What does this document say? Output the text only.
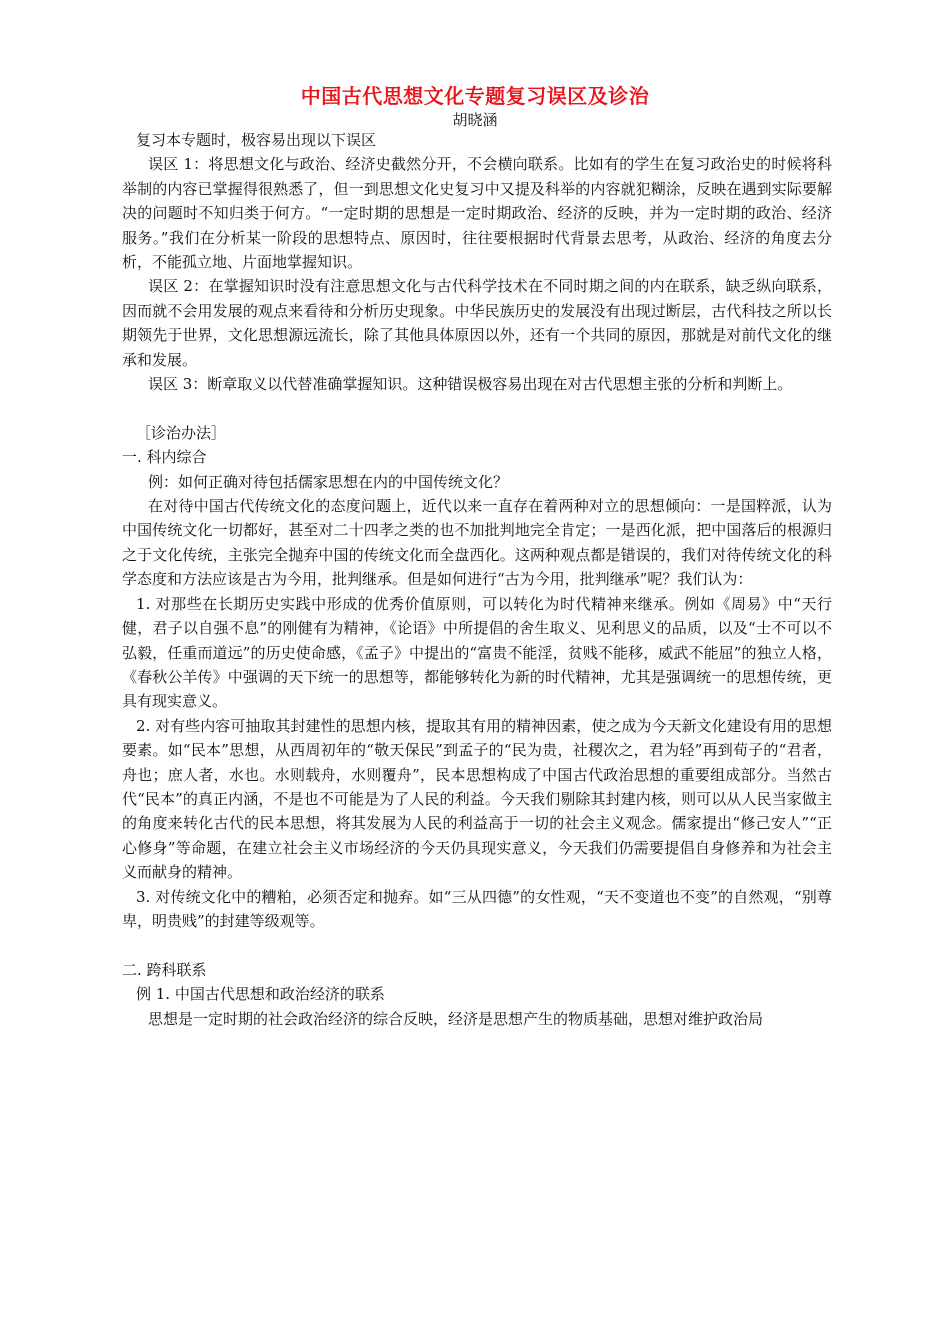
中国古代思想文化专题复习误区及诊治
胡晓涵

复习本专题时，极容易出现以下误区

误区 1：将思想文化与政治、经济史截然分开，不会横向联系。比如有的学生在复习政治史的时候将科举制的内容已掌握得很熟悉了，但一到思想文化史复习中又提及科举的内容就犯糊涂，反映在遇到实际要解决的问题时不知归类于何方。“一定时期的思想是一定时期政治、经济的反映，并为一定时期的政治、经济服务。”我们在分析某一阶段的思想特点、原因时，往往要根据时代背景去思考，从政治、经济的角度去分析，不能孤立地、片面地掌握知识。

误区 2：在掌握知识时没有注意思想文化与古代科学技术在不同时期之间的内在联系，缺乏纵向联系，因而就不会用发展的观点来看待和分析历史现象。中华民族历史的发展没有出现过断层，古代科技之所以长期领先于世界，文化思想源远流长，除了其他具体原因以外，还有一个共同的原因，那就是对前代文化的继承和发展。

误区 3：断章取义以代替准确掌握知识。这种错误极容易出现在对古代思想主张的分析和判断上。

［诊治办法］

一. 科内综合

例：如何正确对待包括儒家思想在内的中国传统文化？

在对待中国古代传统文化的态度问题上，近代以来一直存在着两种对立的思想倾向：一是国粹派，认为中国传统文化一切都好，甚至对二十四孝之类的也不加批判地完全肯定；一是西化派，把中国落后的根源归之于文化传统，主张完全抛弃中国的传统文化而全盘西化。这两种观点都是错误的，我们对待传统文化的科学态度和方法应该是古为今用，批判继承。但是如何进行“古为今用，批判继承”呢？我们认为：

1. 对那些在长期历史实践中形成的优秀价值原则，可以转化为时代精神来继承。例如《周易》中“天行健，君子以自强不息”的刚健有为精神，《论语》中所提倡的舍生取义、见利思义的品质，以及“士不可以不弘毅，任重而道远”的历史使命感，《孟子》中提出的“富贵不能淫，贫贱不能移，威武不能屈”的独立人格，《春秋公羊传》中强调的天下统一的思想等，都能够转化为新的时代精神，尤其是强调统一的思想传统，更具有现实意义。

2. 对有些内容可抽取其封建性的思想内核，提取其有用的精神因素，使之成为今天新文化建设有用的思想要素。如“民本”思想，从西周初年的“敬天保民”到孟子的“民为贵，社稷次之，君为轻”再到荀子的“君者，舟也；庶人者，水也。水则载舟，水则覆舟”，民本思想构成了中国古代政治思想的重要组成部分。当然古代“民本”的真正内涵，不是也不可能是为了人民的利益。今天我们剔除其封建内核，则可以从人民当家做主的角度来转化古代的民本思想，将其发展为人民的利益高于一切的社会主义观念。儒家提出“修己安人”“正心修身”等命题，在建立社会主义市场经济的今天仍具现实意义，今天我们仍需要提倡自身修养和为社会主义而献身的精神。

3. 对传统文化中的糟粕，必须否定和抛弃。如“三从四德”的女性观，“天不变道也不变”的自然观，“别尊卑，明贵贱”的封建等级观等。

二. 跨科联系

例 1. 中国古代思想和政治经济的联系

思想是一定时期的社会政治经济的综合反映，经济是思想产生的物质基础，思想对维护政治局
